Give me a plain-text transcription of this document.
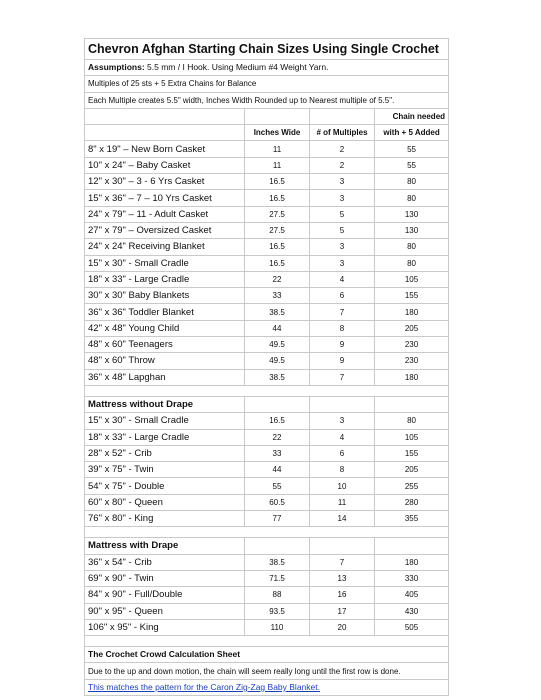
Chevron Afghan Starting Chain Sizes Using Single Crochet			
Assumptions: 5.5 mm / I Hook. Using Medium #4 Weight Yarn.			
Multiples of 25 sts + 5 Extra Chains for Balance			
Each Multiple creates 5.5" width, Inches Width Rounded up to Nearest multiple of 5.5".			
			Chain needed
	Inches Wide	# of Multiples	with + 5 Added
8" x 19" – New Born Casket	11	2	55
10" x 24" – Baby Casket	11	2	55
12" x 30" – 3 - 6 Yrs Casket	16.5	3	80
15" x 36" – 7 – 10 Yrs Casket	16.5	3	80
24" x 79" – 11 - Adult Casket	27.5	5	130
27" x 79" – Oversized Casket	27.5	5	130
24" x 24" Receiving Blanket	16.5	3	80
15" x 30" - Small Cradle	16.5	3	80
18" x 33" - Large Cradle	22	4	105
30" x 30" Baby Blankets	33	6	155
36" x 36" Toddler Blanket	38.5	7	180
42" x 48" Young Child	44	8	205
48" x 60" Teenagers	49.5	9	230
48" x 60" Throw	49.5	9	230
36" x 48" Lapghan	38.5	7	180

Mattress without Drape			
15" x 30" - Small Cradle	16.5	3	80
18" x 33" - Large Cradle	22	4	105
28" x 52" - Crib	33	6	155
39" x 75" - Twin	44	8	205
54" x 75" - Double	55	10	255
60" x 80" - Queen	60.5	11	280
76" x 80" - King	77	14	355

Mattress with Drape			
36" x 54" - Crib	38.5	7	180
69" x 90" - Twin	71.5	13	330
84" x 90" - Full/Double	88	16	405
90" x 95" - Queen	93.5	17	430
106" x 95" - King	110	20	505

The Crochet Crowd Calculation Sheet			
Due to the up and down motion, the chain will seem really long until the first row is done.			
This matches the pattern for the Caron Zig-Zag Baby Blanket.			
